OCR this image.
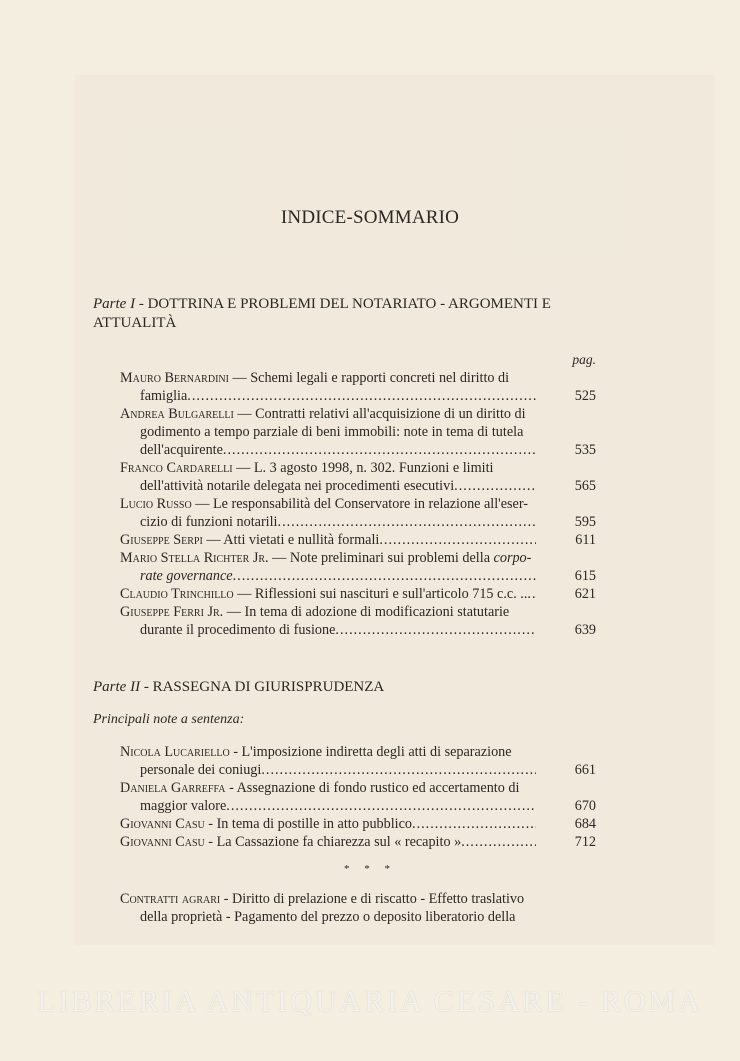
INDICE-SOMMARIO
Parte I - DOTTRINA E PROBLEMI DEL NOTARIATO - ARGOMENTI E
ATTUALITÀ
pag.
Mauro Bernardini — Schemi legali e rapporti concreti nel diritto di
famiglia .....	525
Andrea Bulgarelli — Contratti relativi all'acquisizione di un diritto di
godimento a tempo parziale di beni immobili: note in tema di tutela
dell'acquirente .....	535
Franco Cardarelli — L. 3 agosto 1998, n. 302. Funzioni e limiti
dell'attività notarile delegata nei procedimenti esecutivi .....	565
Lucio Russo — Le responsabilità del Conservatore in relazione all'eser-
cizio di funzioni notarili .....	595
Giuseppe Serpi — Atti vietati e nullità formali .....	611
Mario Stella Richter Jr. — Note preliminari sui problemi della corpo-
rate governance .....	615
Claudio Trinchillo — Riflessioni sui nascituri e sull'articolo 715 c.c. .. .....	621
Giuseppe Ferri Jr. — In tema di adozione di modificazioni statutarie
durante il procedimento di fusione .....	639
Parte II - RASSEGNA DI GIURISPRUDENZA
Principali note a sentenza:
Nicola Lucariello - L'imposizione indiretta degli atti di separazione
personale dei coniugi .....	661
Daniela Garreffa - Assegnazione di fondo rustico ed accertamento di
maggior valore .....	670
Giovanni Casu - In tema di postille in atto pubblico .....	684
Giovanni Casu - La Cassazione fa chiarezza sul « recapito » .....	712
* * *
Contratti agrari - Diritto di prelazione e di riscatto - Effetto traslativo
della proprietà - Pagamento del prezzo o deposito liberatorio della
LIBRERIA ANTIQUARIA CESARE - ROMA
